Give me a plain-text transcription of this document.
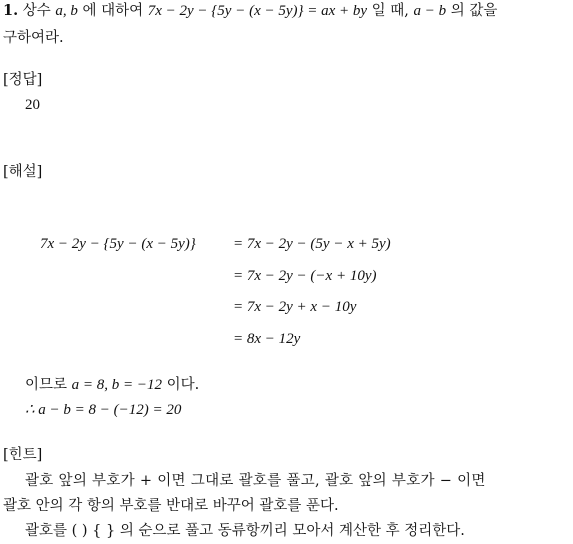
1. 상수 a, b 에 대하여 7x − 2y − {5y − (x − 5y)} = ax + by 일 때, a − b 의 값을
구하여라.
[정답]
20
[해설]
7x − 2y − {5y − (x − 5y)} = 7x − 2y − (5y − x + 5y)
= 7x − 2y − (−x + 10y)
= 7x − 2y + x − 10y
= 8x − 12y
이므로 a = 8, b = −12 이다.
∴ a − b = 8 − (−12) = 20
[힌트]
괄호 앞의 부호가 + 이면 그대로 괄호를 풀고, 괄호 앞의 부호가 − 이면
괄호 안의 각 항의 부호를 반대로 바꾸어 괄호를 푼다.
괄호를 ( ) { } 의 순으로 풀고 동류항끼리 모아서 계산한 후 정리한다.
